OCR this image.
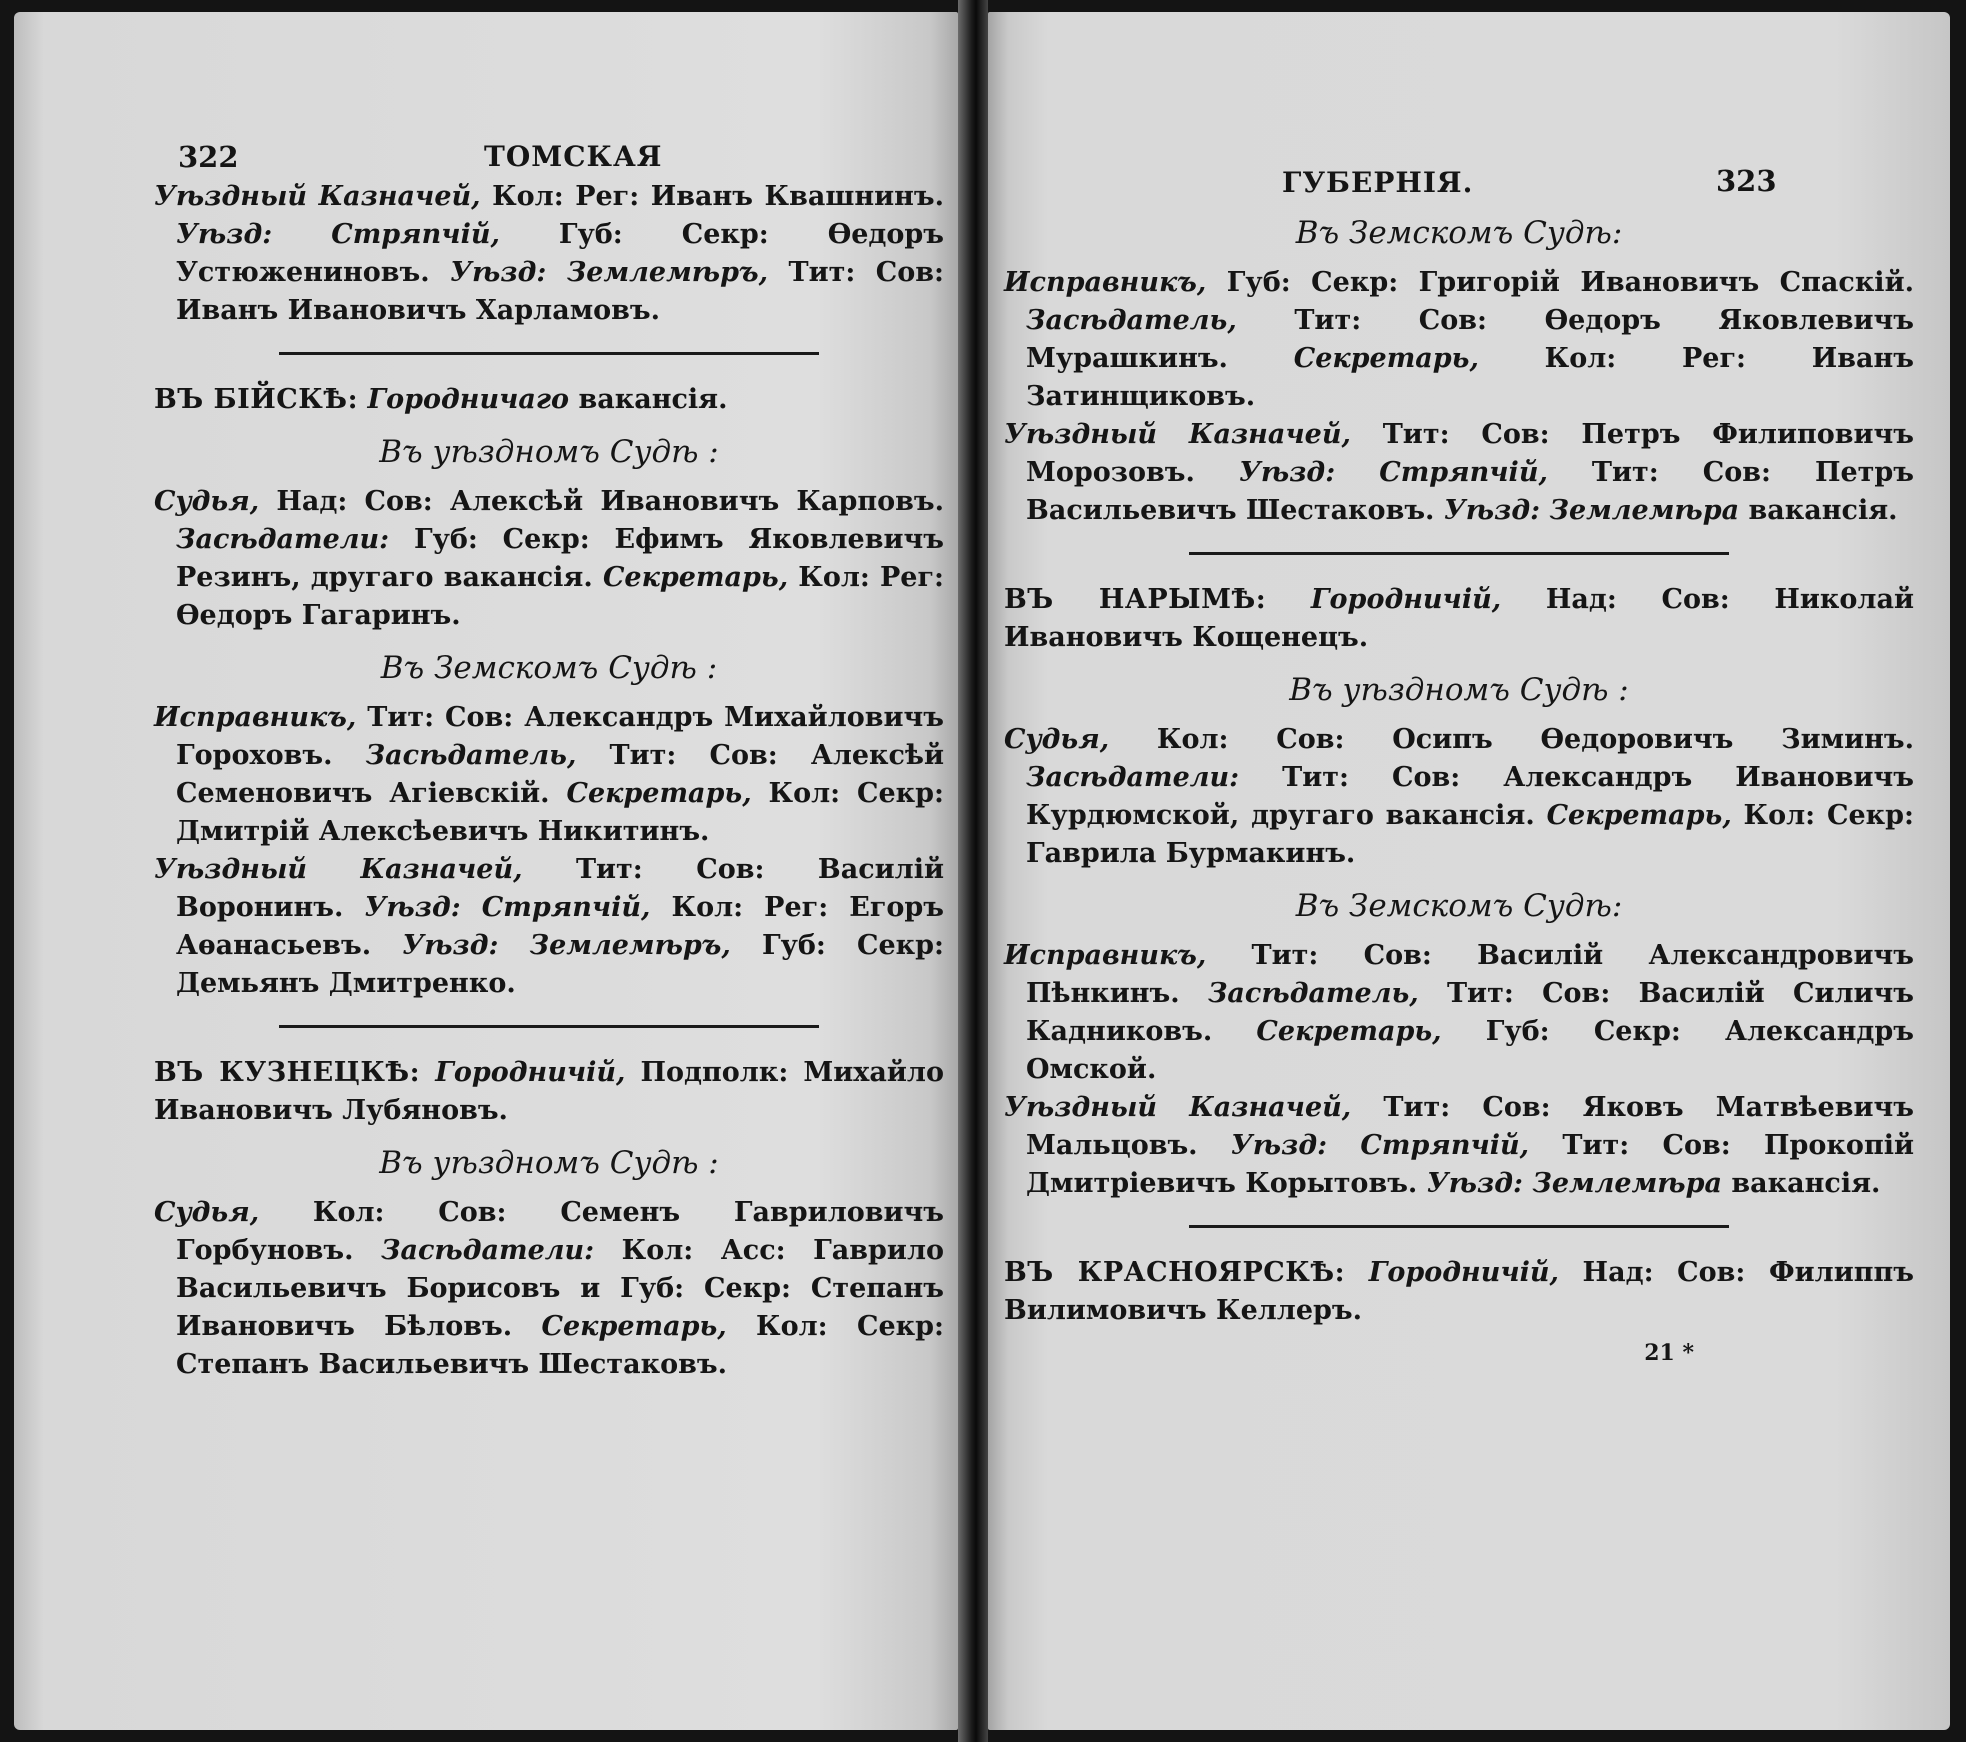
322	ТОМСКАЯ

Уѣздный Казначей, Кол: Рег: Иванъ Квашнинъ. Уѣзд: Стряпчій, Губ: Секр: Өедоръ Устюжениновъ. Уѣзд: Землемѣръ, Тит: Сов: Иванъ Ивановичъ Харламовъ.

ВЪ БІЙСКѢ: Городничаго вакансія.

Въ уѣздномъ Судѣ :

Судья, Над: Сов: Алексѣй Ивановичъ Карповъ. Засѣдатели: Губ: Секр: Ефимъ Яковлевичъ Резинъ, другаго вакансія. Секретарь, Кол: Рег: Өедоръ Гагаринъ.

Въ Земскомъ Судѣ :

Исправникъ, Тит: Сов: Александръ Михайловичъ Гороховъ. Засѣдатель, Тит: Сов: Алексѣй Семеновичъ Агіевскій. Секретарь, Кол: Секр: Дмитрій Алексѣевичъ Никитинъ.

Уѣздный Казначей, Тит: Сов: Василій Воронинъ. Уѣзд: Стряпчій, Кол: Рег: Егоръ Аѳанасьевъ. Уѣзд: Землемѣръ, Губ: Секр: Демьянъ Дмитренко.

ВЪ КУЗНЕЦКѢ: Городничій, Подполк: Михайло Ивановичъ Лубяновъ.

Въ уѣздномъ Судѣ :

Судья, Кол: Сов: Семенъ Гавриловичъ Горбуновъ. Засѣдатели: Кол: Асс: Гаврило Васильевичъ Борисовъ и Губ: Секр: Степанъ Ивановичъ Бѣловъ. Секретарь, Кол: Секр: Степанъ Васильевичъ Шестаковъ.

ГУБЕРНІЯ.	323
Въ Земскомъ Судѣ:

Исправникъ, Губ: Секр: Григорій Ивановичъ Спаскій. Засѣдатель, Тит: Сов: Өедоръ Яковлевичъ Мурашкинъ. Секретарь, Кол: Рег: Иванъ Затинщиковъ.

Уѣздный Казначей, Тит: Сов: Петръ Филиповичъ Морозовъ. Уѣзд: Стряпчій, Тит: Сов: Петръ Васильевичъ Шестаковъ. Уѣзд: Землемѣра вакансія.

ВЪ НАРЫМѢ: Городничій, Над: Сов: Николай Ивановичъ Кощенецъ.

Въ уѣздномъ Судѣ :

Судья, Кол: Сов: Осипъ Өедоровичъ Зиминъ. Засѣдатели: Тит: Сов: Александръ Ивановичъ Курдюмской, другаго вакансія. Секретарь, Кол: Секр: Гаврила Бурмакинъ.

Въ Земскомъ Судѣ:

Исправникъ, Тит: Сов: Василій Александровичъ Пѣнкинъ. Засѣдатель, Тит: Сов: Василій Силичъ Кадниковъ. Секретарь, Губ: Секр: Александръ Омской.

Уѣздный Казначей, Тит: Сов: Яковъ Матвѣевичъ Мальцовъ. Уѣзд: Стряпчій, Тит: Сов: Прокопій Дмитріевичъ Корытовъ. Уѣзд: Землемѣра вакансія.

ВЪ КРАСНОЯРСКѢ: Городничій, Над: Сов: Филиппъ Вилимовичъ Келлеръ.

21 *
